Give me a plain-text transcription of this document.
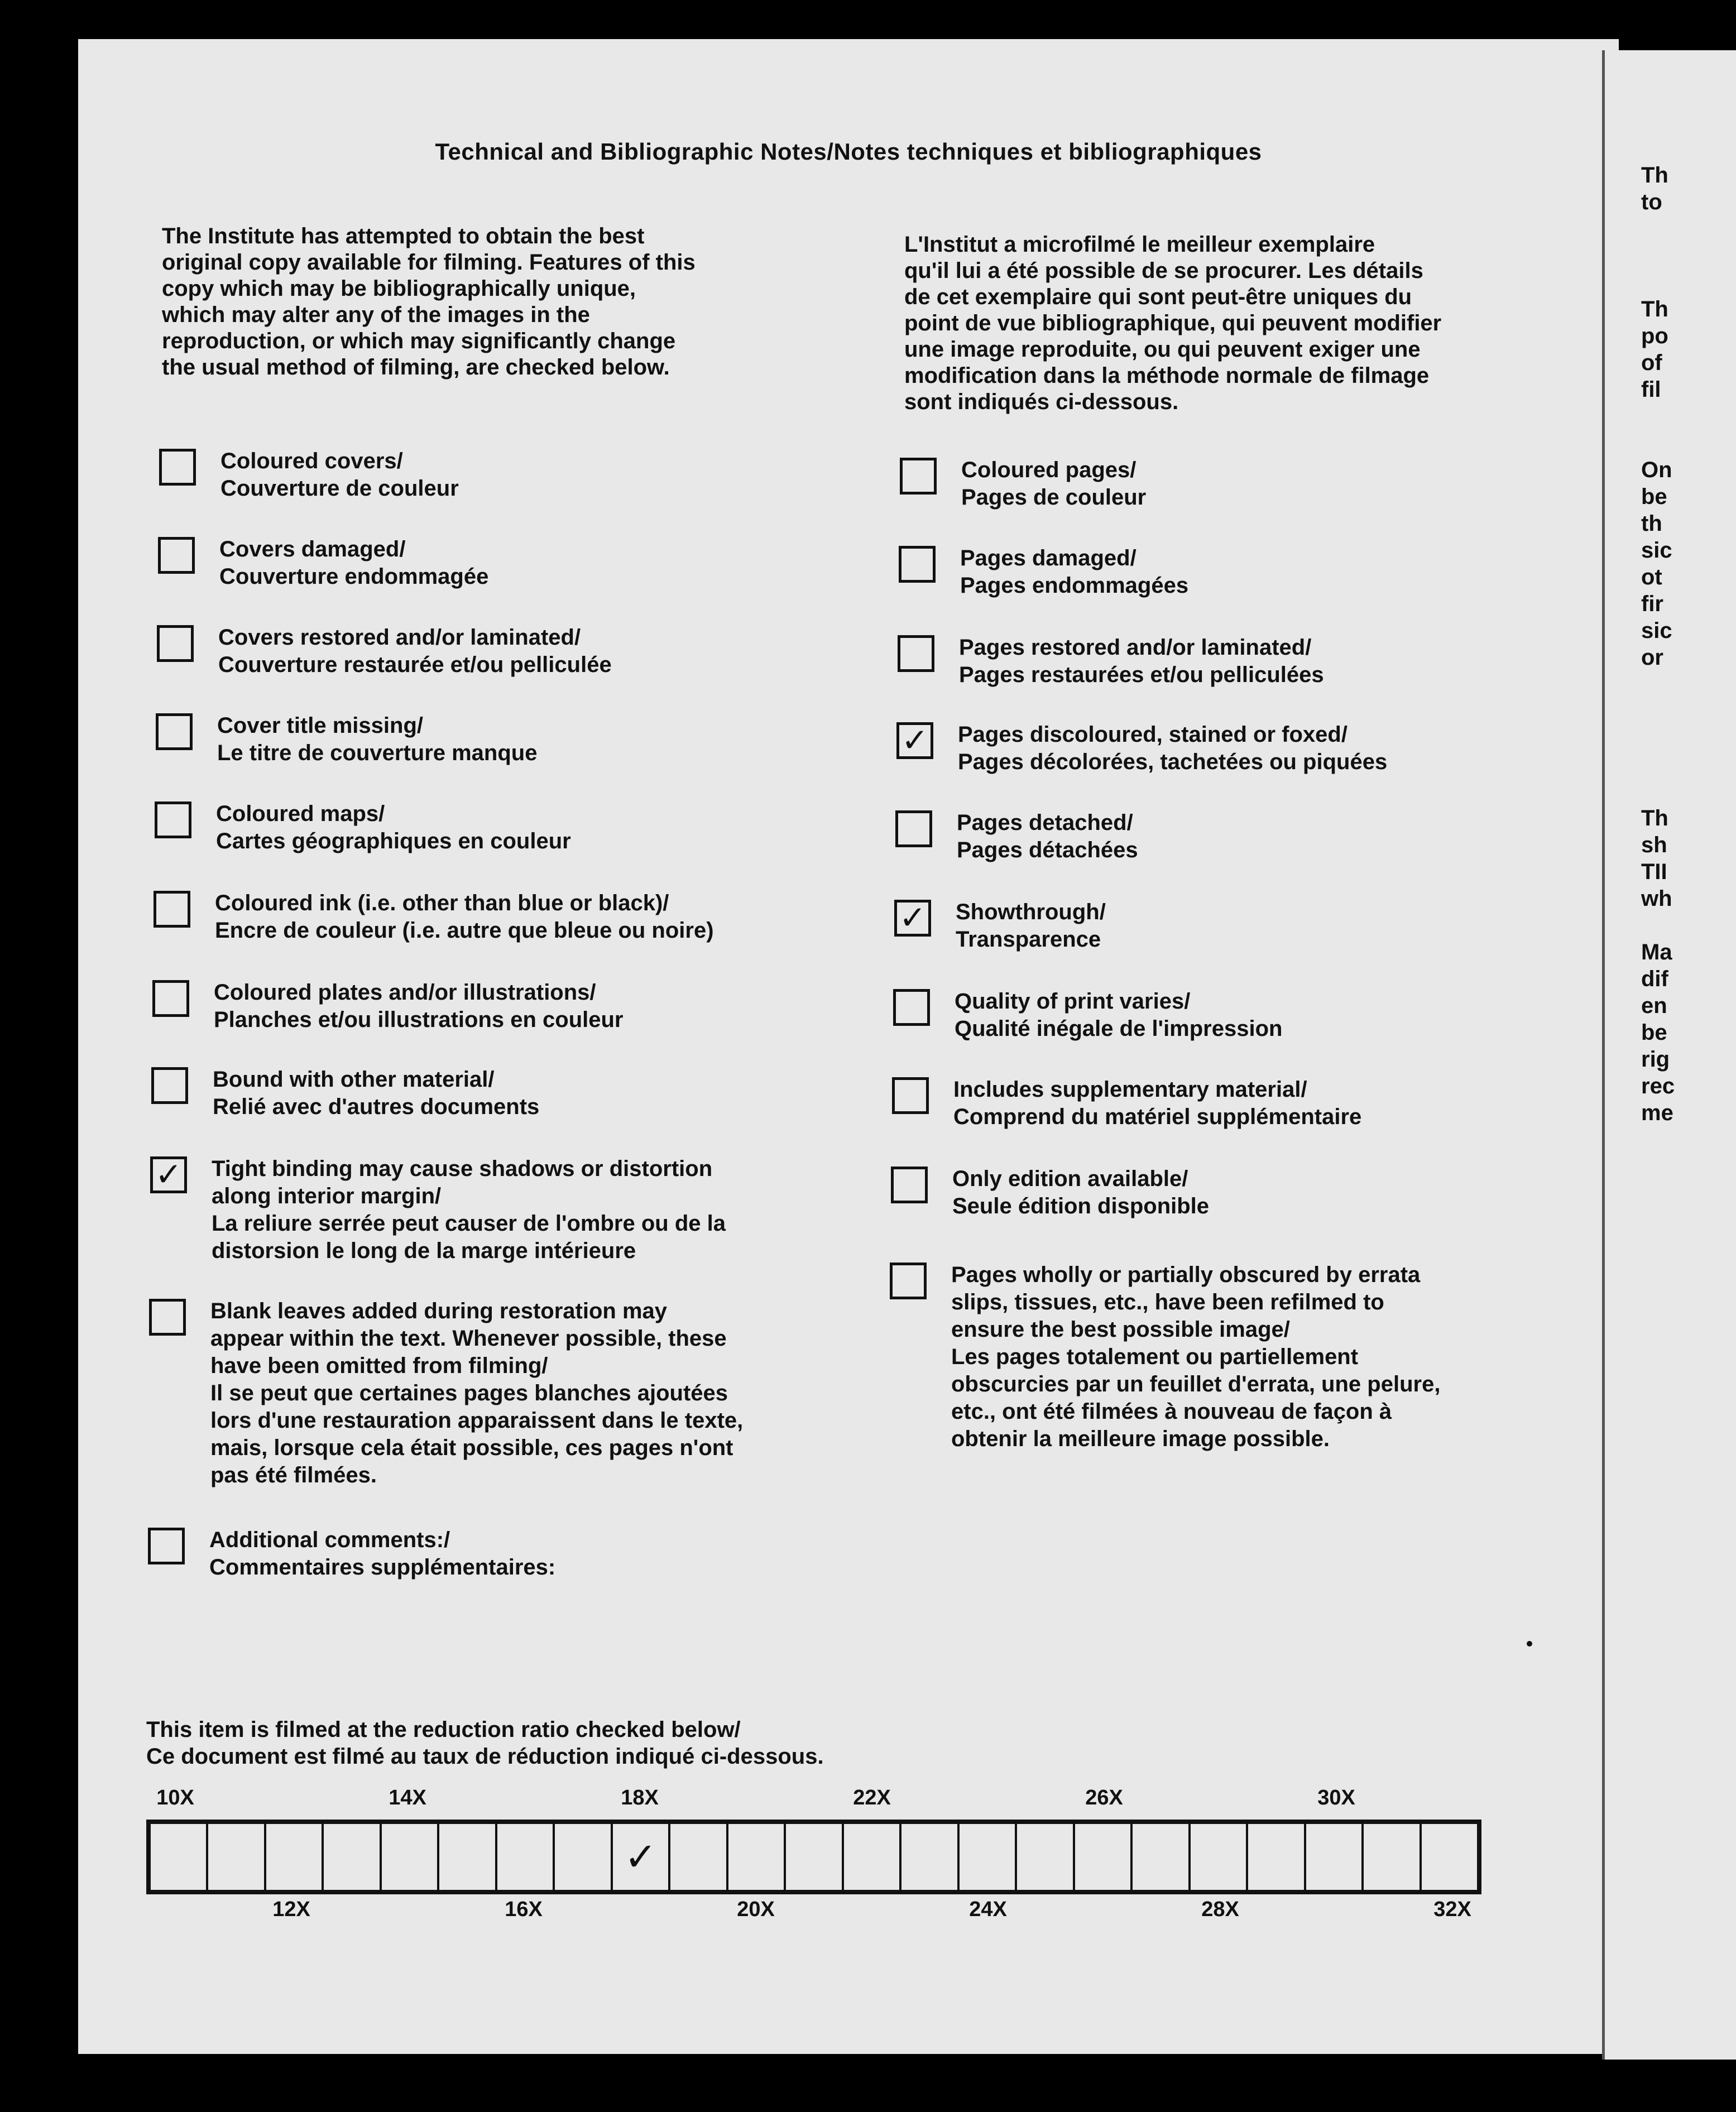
Technical and Bibliographic Notes/Notes techniques et bibliographiques
The Institute has attempted to obtain the best
original copy available for filming. Features of this
copy which may be bibliographically unique,
which may alter any of the images in the
reproduction, or which may significantly change
the usual method of filming, are checked below.
L'Institut a microfilmé le meilleur exemplaire
qu'il lui a été possible de se procurer. Les détails
de cet exemplaire qui sont peut-être uniques du
point de vue bibliographique, qui peuvent modifier
une image reproduite, ou qui peuvent exiger une
modification dans la méthode normale de filmage
sont indiqués ci-dessous.
Coloured covers/
Couverture de couleur
Covers damaged/
Couverture endommagée
Covers restored and/or laminated/
Couverture restaurée et/ou pelliculée
Cover title missing/
Le titre de couverture manque
Coloured maps/
Cartes géographiques en couleur
Coloured ink (i.e. other than blue or black)/
Encre de couleur (i.e. autre que bleue ou noire)
Coloured plates and/or illustrations/
Planches et/ou illustrations en couleur
Bound with other material/
Relié avec d'autres documents
✓ Tight binding may cause shadows or distortion
along interior margin/
La reliure serrée peut causer de l'ombre ou de la
distorsion le long de la marge intérieure
Blank leaves added during restoration may
appear within the text. Whenever possible, these
have been omitted from filming/
Il se peut que certaines pages blanches ajoutées
lors d'une restauration apparaissent dans le texte,
mais, lorsque cela était possible, ces pages n'ont
pas été filmées.
Additional comments:/
Commentaires supplémentaires:
Coloured pages/
Pages de couleur
Pages damaged/
Pages endommagées
Pages restored and/or laminated/
Pages restaurées et/ou pelliculées
✓ Pages discoloured, stained or foxed/
Pages décolorées, tachetées ou piquées
Pages detached/
Pages détachées
✓ Showthrough/
Transparence
Quality of print varies/
Qualité inégale de l'impression
Includes supplementary material/
Comprend du matériel supplémentaire
Only edition available/
Seule édition disponible
Pages wholly or partially obscured by errata
slips, tissues, etc., have been refilmed to
ensure the best possible image/
Les pages totalement ou partiellement
obscurcies par un feuillet d'errata, une pelure,
etc., ont été filmées à nouveau de façon à
obtenir la meilleure image possible.
This item is filmed at the reduction ratio checked below/
Ce document est filmé au taux de réduction indiqué ci-dessous.
10X	14X	18X	22X	26X	30X
✓
12X	16X	20X	24X	28X	32X
Th
to

Th
po
of
fil

On
be
th
sic
ot
fir
sic
or

Th
sh
TII
wh

Ma
dif
en
be
rig
rec
me
